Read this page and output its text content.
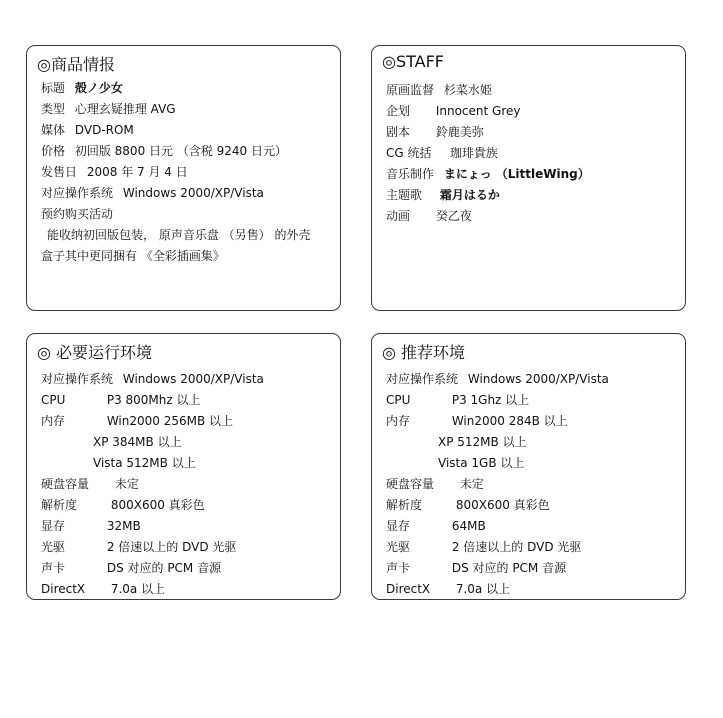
◎商品情报
标题 殻ノ少女
类型 心理玄疑推理 AVG
媒体 DVD-ROM
价格 初回版 8800 日元 （含税 9240 日元）
发售日 2008 年 7 月 4 日
对应操作系统 Windows 2000/XP/Vista
预约购买活动
能收纳初回版包装， 原声音乐盘 （另售） 的外壳
盒子其中更同捆有 《全彩插画集》
◎STAFF
原画监督 杉菜水姫
企划 Innocent Grey
剧本 鈴鹿美弥
CG 统括 珈琲貴族
音乐制作 まにょっ （LittleWing）
主题歌 霜月はるか
动画 癸乙夜
◎ 必要运行环境
对应操作系统 Windows 2000/XP/Vista
CPU	P3 800Mhz 以上
内存	Win2000 256MB 以上
XP 384MB 以上
Vista 512MB 以上
硬盘容量 未定
解析度	800X600 真彩色
显存	32MB
光驱	2 倍速以上的 DVD 光驱
声卡	DS 对应的 PCM 音源
DirectX 7.0a 以上
◎ 推荐环境
对应操作系统 Windows 2000/XP/Vista
CPU	P3 1Ghz 以上
内存	Win2000 284B 以上
XP 512MB 以上
Vista 1GB 以上
硬盘容量 未定
解析度	800X600 真彩色
显存	64MB
光驱	2 倍速以上的 DVD 光驱
声卡	DS 对应的 PCM 音源
DirectX 7.0a 以上
